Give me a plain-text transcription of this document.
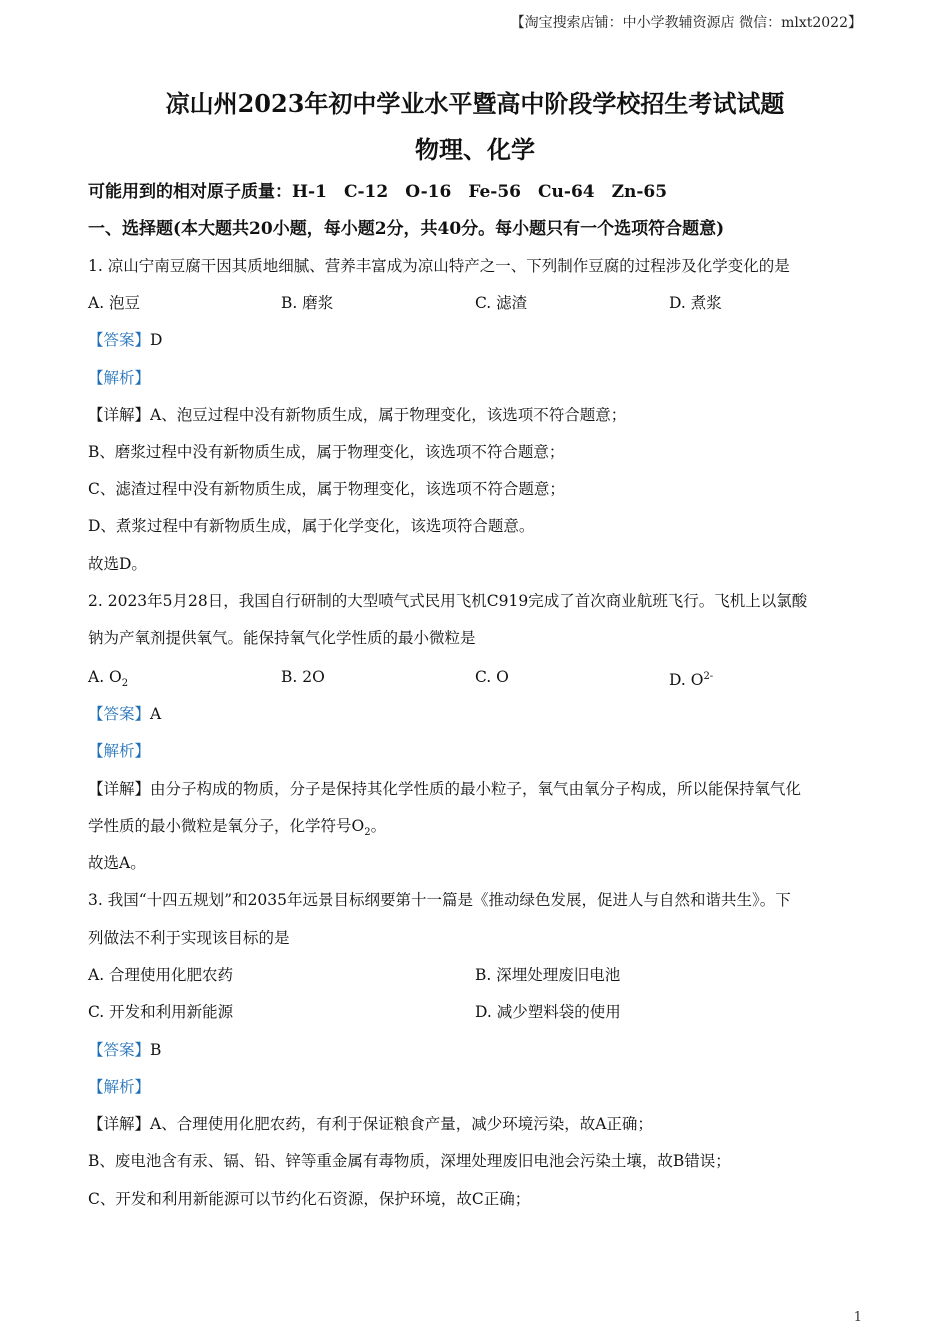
【淘宝搜索店铺：中小学教辅资源店 微信：mlxt2022】
凉山州2023年初中学业水平暨高中阶段学校招生考试试题
物理、化学
可能用到的相对原子质量：H-1　C-12　O-16　Fe-56　Cu-64　Zn-65
一、选择题(本大题共20小题，每小题2分，共40分。每小题只有一个选项符合题意)
1. 凉山宁南豆腐干因其质地细腻、营养丰富成为凉山特产之一、下列制作豆腐的过程涉及化学变化的是
A. 泡豆	B. 磨浆	C. 滤渣	D. 煮浆
【答案】D
【解析】
【详解】A、泡豆过程中没有新物质生成，属于物理变化，该选项不符合题意；
B、磨浆过程中没有新物质生成，属于物理变化，该选项不符合题意；
C、滤渣过程中没有新物质生成，属于物理变化，该选项不符合题意；
D、煮浆过程中有新物质生成，属于化学变化，该选项符合题意。
故选D。
2. 2023年5月28日，我国自行研制的大型喷气式民用飞机C919完成了首次商业航班飞行。飞机上以氯酸
钠为产氧剂提供氧气。能保持氧气化学性质的最小微粒是
A. $O_2$	B. 2O	C. O	D. $O^{2-}$
【答案】A
【解析】
【详解】由分子构成的物质，分子是保持其化学性质的最小粒子，氧气由氧分子构成，所以能保持氧气化
学性质的最小微粒是氧分子，化学符号$O_2$。
故选A。
3. 我国“十四五规划”和2035年远景目标纲要第十一篇是《推动绿色发展，促进人与自然和谐共生》。下
列做法不利于实现该目标的是
A. 合理使用化肥农药	B. 深埋处理废旧电池
C. 开发和利用新能源	D. 减少塑料袋的使用
【答案】B
【解析】
【详解】A、合理使用化肥农药，有利于保证粮食产量，减少环境污染，故A正确；
B、废电池含有汞、镉、铅、锌等重金属有毒物质，深埋处理废旧电池会污染土壤，故B错误；
C、开发和利用新能源可以节约化石资源，保护环境，故C正确；
1
